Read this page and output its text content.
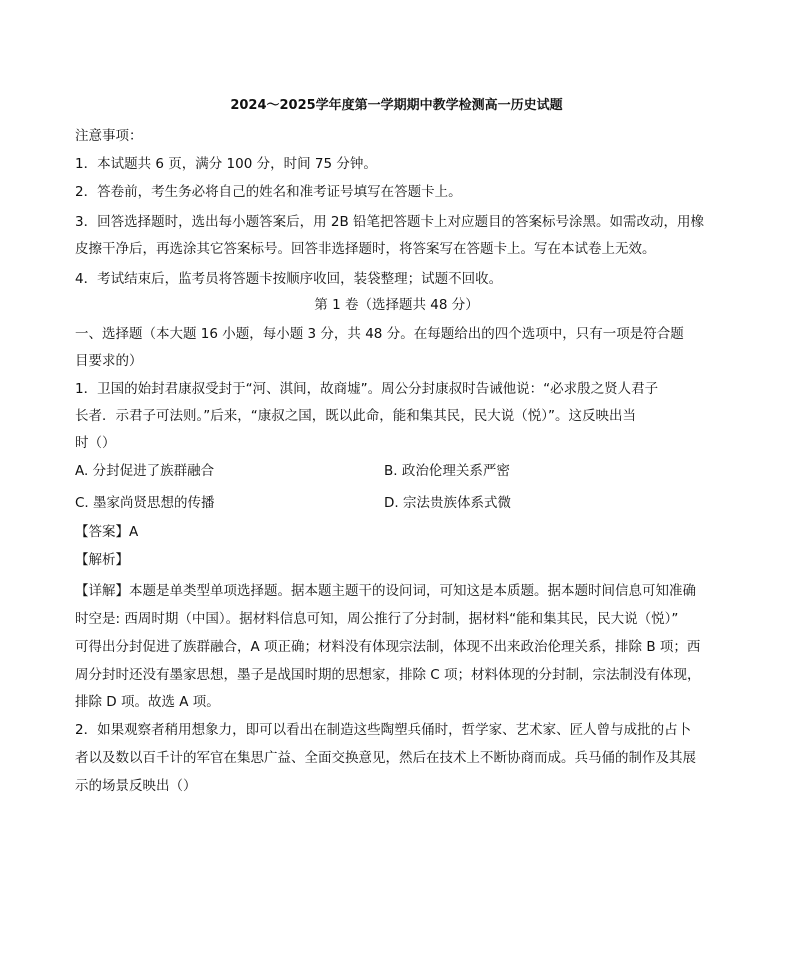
2024～2025学年度第一学期期中教学检测高一历史试题
注意事项：
1．本试题共 6 页，满分 100 分，时间 75 分钟。
2．答卷前，考生务必将自己的姓名和准考证号填写在答题卡上。
3．回答选择题时，选出每小题答案后，用 2B 铅笔把答题卡上对应题目的答案标号涂黑。如需改动，用橡
皮擦干净后，再选涂其它答案标号。回答非选择题时，将答案写在答题卡上。写在本试卷上无效。
4．考试结束后，监考员将答题卡按顺序收回，装袋整理；试题不回收。
第 1 卷（选择题共 48 分）
一、选择题（本大题 16 小题，每小题 3 分，共 48 分。在每题给出的四个选项中，只有一项是符合题
目要求的）
1．卫国的始封君康叔受封于“河、淇间，故商墟”。周公分封康叔时告诫他说：“必求殷之贤人君子
长者．示君子可法则。”后来，“康叔之国，既以此命，能和集其民，民大说（悦）”。这反映出当
时（）
A. 分封促进了族群融合	B. 政治伦理关系严密
C. 墨家尚贤思想的传播	D. 宗法贵族体系式微
【答案】A
【解析】
【详解】本题是单类型单项选择题。据本题主题干的设问词，可知这是本质题。据本题时间信息可知准确
时空是: 西周时期（中国）。据材料信息可知，周公推行了分封制，据材料“能和集其民，民大说（悦）”
可得出分封促进了族群融合，A 项正确；材料没有体现宗法制，体现不出来政治伦理关系，排除 B 项；西
周分封时还没有墨家思想，墨子是战国时期的思想家，排除 C 项；材料体现的分封制，宗法制没有体现，
排除 D 项。故选 A 项。
2．如果观察者稍用想象力，即可以看出在制造这些陶塑兵俑时，哲学家、艺术家、匠人曾与成批的占卜
者以及数以百千计的军官在集思广益、全面交换意见，然后在技术上不断协商而成。兵马俑的制作及其展
示的场景反映出（）
